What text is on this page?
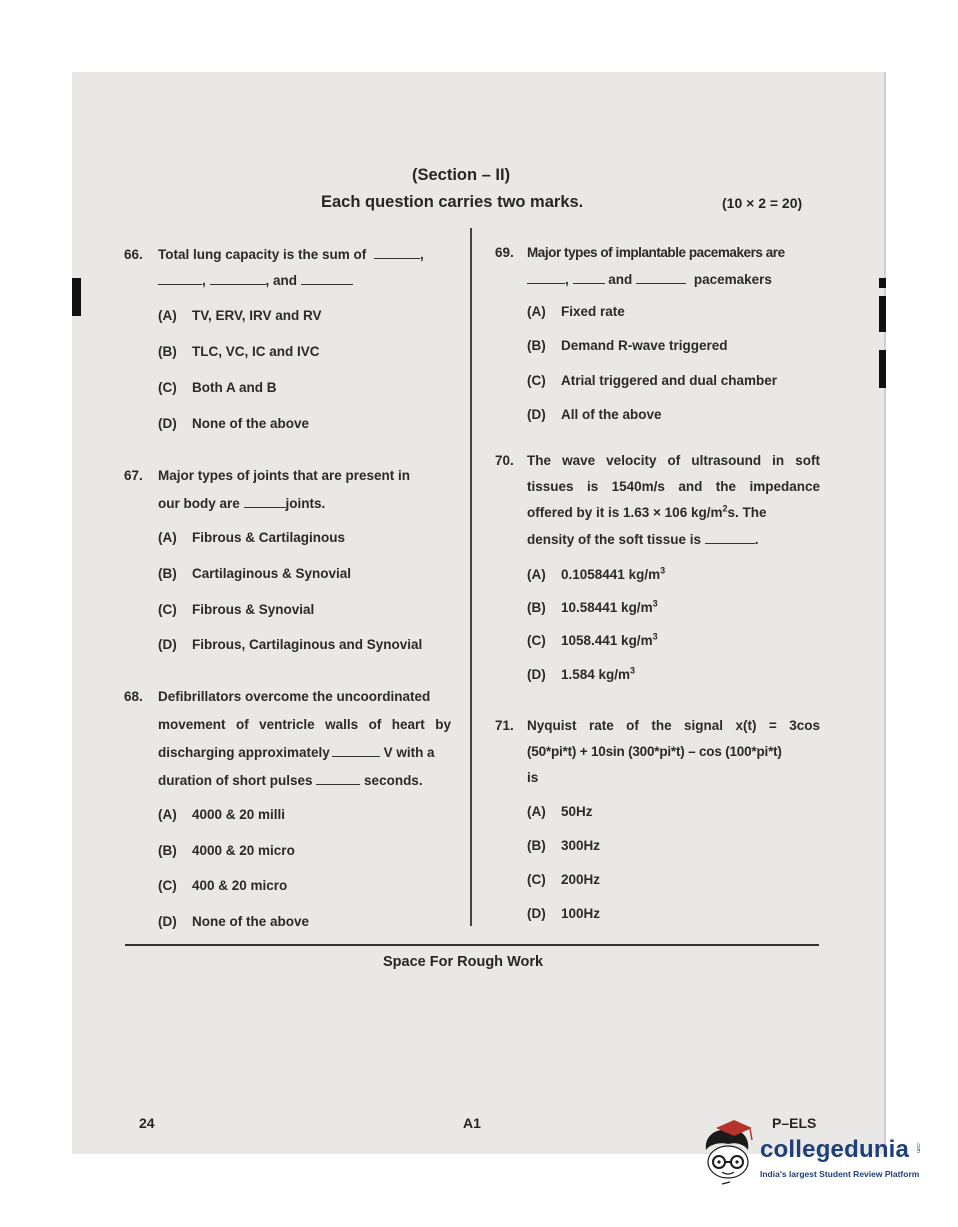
(Section – II)
Each question carries two marks.	(10 × 2 = 20)
66. Total lung capacity is the sum of	,
,	, and
(A) TV, ERV, IRV and RV
(B) TLC, VC, IC and IVC
(C) Both A and B
(D) None of the above
67. Major types of joints that are present in
our body are	joints.
(A) Fibrous & Cartilaginous
(B) Cartilaginous & Synovial
(C) Fibrous & Synovial
(D) Fibrous, Cartilaginous and Synovial
68. Defibrillators overcome the uncoordinated
movement of ventricle walls of heart by
discharging approximately	V with a
duration of short pulses	seconds.
(A) 4000 & 20 milli
(B) 4000 & 20 micro
(C) 400 & 20 micro
(D) None of the above
69. Major types of implantable pacemakers are
,	and	pacemakers
(A) Fixed rate
(B) Demand R-wave triggered
(C) Atrial triggered and dual chamber
(D) All of the above
70. The wave velocity of ultrasound in soft
tissues is 1540m/s and the impedance
offered by it is 1.63 × 106 $kg/m^2s$. The
density of the soft tissue is	.
(A) 0.1058441 $kg/m^3$
(B) 10.58441 $kg/m^3$
(C) 1058.441 $kg/m^3$
(D) 1.584 $kg/m^3$
71. Nyquist rate of the signal x(t) = 3cos
(50*pi*t) + 10sin (300*pi*t) – cos (100*pi*t)
is
(A) 50Hz
(B) 300Hz
(C) 200Hz
(D) 100Hz
Space For Rough Work
24	A1	P–ELS
collegedunia .com
India's largest Student Review Platform
